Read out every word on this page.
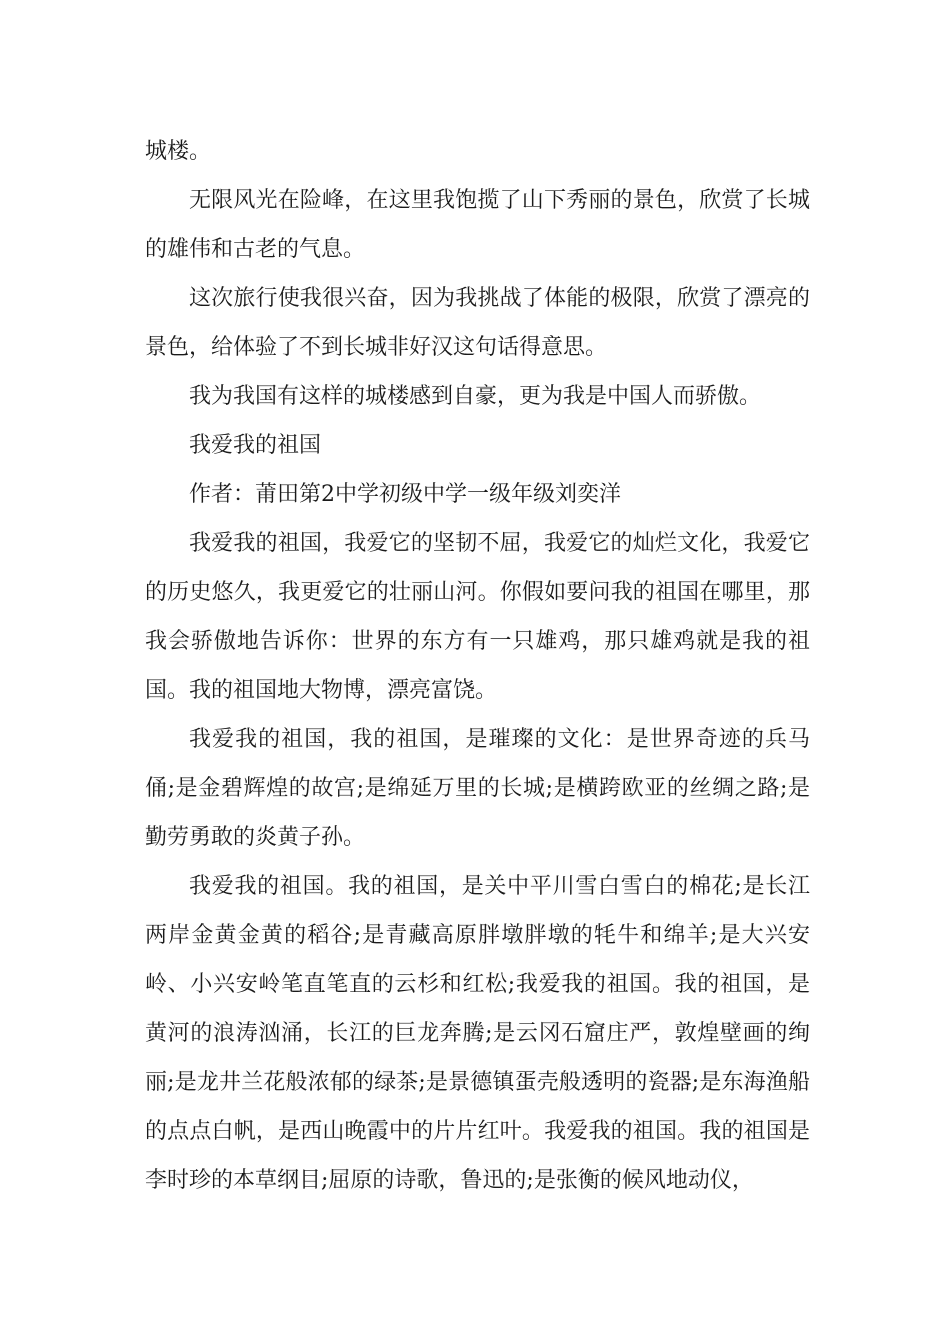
城楼。

无限风光在险峰，在这里我饱揽了山下秀丽的景色，欣赏了长城的雄伟和古老的气息。

这次旅行使我很兴奋，因为我挑战了体能的极限，欣赏了漂亮的景色，给体验了不到长城非好汉这句话得意思。

我为我国有这样的城楼感到自豪，更为我是中国人而骄傲。

我爱我的祖国

作者：莆田第2中学初级中学一级年级刘奕洋

我爱我的祖国，我爱它的坚韧不屈，我爱它的灿烂文化，我爱它的历史悠久，我更爱它的壮丽山河。你假如要问我的祖国在哪里，那我会骄傲地告诉你：世界的东方有一只雄鸡，那只雄鸡就是我的祖国。我的祖国地大物博，漂亮富饶。

我爱我的祖国，我的祖国，是璀璨的文化：是世界奇迹的兵马俑;是金碧辉煌的故宫;是绵延万里的长城;是横跨欧亚的丝绸之路;是勤劳勇敢的炎黄子孙。

我爱我的祖国。我的祖国，是关中平川雪白雪白的棉花;是长江两岸金黄金黄的稻谷;是青藏高原胖墩胖墩的牦牛和绵羊;是大兴安岭、小兴安岭笔直笔直的云杉和红松;我爱我的祖国。我的祖国，是黄河的浪涛汹涌，长江的巨龙奔腾;是云冈石窟庄严，敦煌壁画的绚丽;是龙井兰花般浓郁的绿茶;是景德镇蛋壳般透明的瓷器;是东海渔船的点点白帆，是西山晚霞中的片片红叶。我爱我的祖国。我的祖国是李时珍的本草纲目;屈原的诗歌，鲁迅的;是张衡的候风地动仪，
